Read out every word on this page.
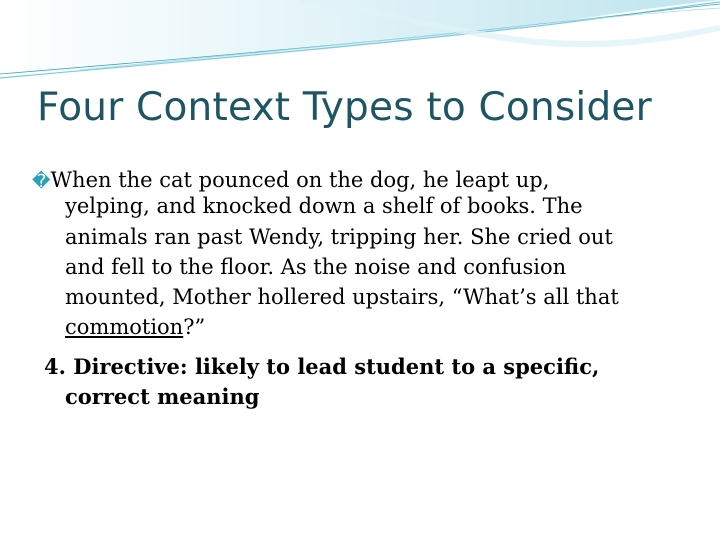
Four Context Types to Consider
�When the cat pounced on the dog, he leapt up,
yelping, and knocked down a shelf of books. The
animals ran past Wendy, tripping her. She cried out
and fell to the floor. As the noise and confusion
mounted, Mother hollered upstairs, “What’s all that
commotion?”
4. Directive: likely to lead student to a specific,
correct meaning
